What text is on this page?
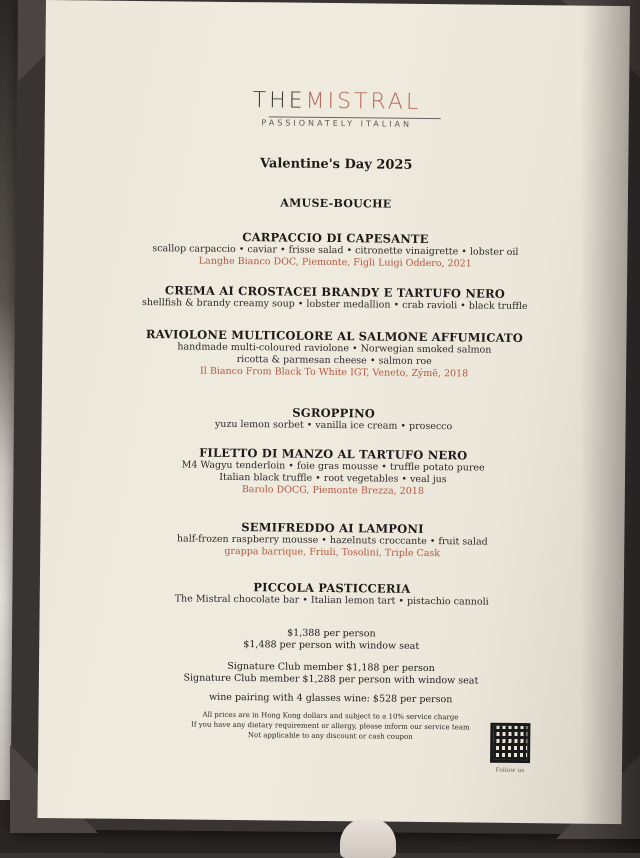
THEMISTRAL
PASSIONATELY ITALIAN
Valentine's Day 2025
AMUSE-BOUCHE
CARPACCIO DI CAPESANTE
scallop carpaccio • caviar • frisse salad • citronette vinaigrette • lobster oil
Langhe Bianco DOC, Piemonte, Figli Luigi Oddero, 2021
CREMA AI CROSTACEI BRANDY E TARTUFO NERO
shellfish & brandy creamy soup • lobster medallion • crab ravioli • black truffle
RAVIOLONE MULTICOLORE AL SALMONE AFFUMICATO
handmade multi-coloured raviolone • Norwegian smoked salmon
ricotta & parmesan cheese • salmon roe
Il Bianco From Black To White IGT, Veneto, Zýmē, 2018
SGROPPINO
yuzu lemon sorbet • vanilla ice cream • prosecco
FILETTO DI MANZO AL TARTUFO NERO
M4 Wagyu tenderloin • foie gras mousse • truffle potato puree
Italian black truffle • root vegetables • veal jus
Barolo DOCG, Piemonte Brezza, 2018
SEMIFREDDO AI LAMPONI
half-frozen raspberry mousse • hazelnuts croccante • fruit salad
grappa barrique, Friuli, Tosolini, Triple Cask
PICCOLA PASTICCERIA
The Mistral chocolate bar • Italian lemon tart • pistachio cannoli
$1,388 per person
$1,488 per person with window seat
Signature Club member $1,188 per person
Signature Club member $1,288 per person with window seat
wine pairing with 4 glasses wine: $528 per person
All prices are in Hong Kong dollars and subject to a 10% service charge
If you have any dietary requirement or allergy, please inform our service team
Not applicable to any discount or cash coupon
Follow us
